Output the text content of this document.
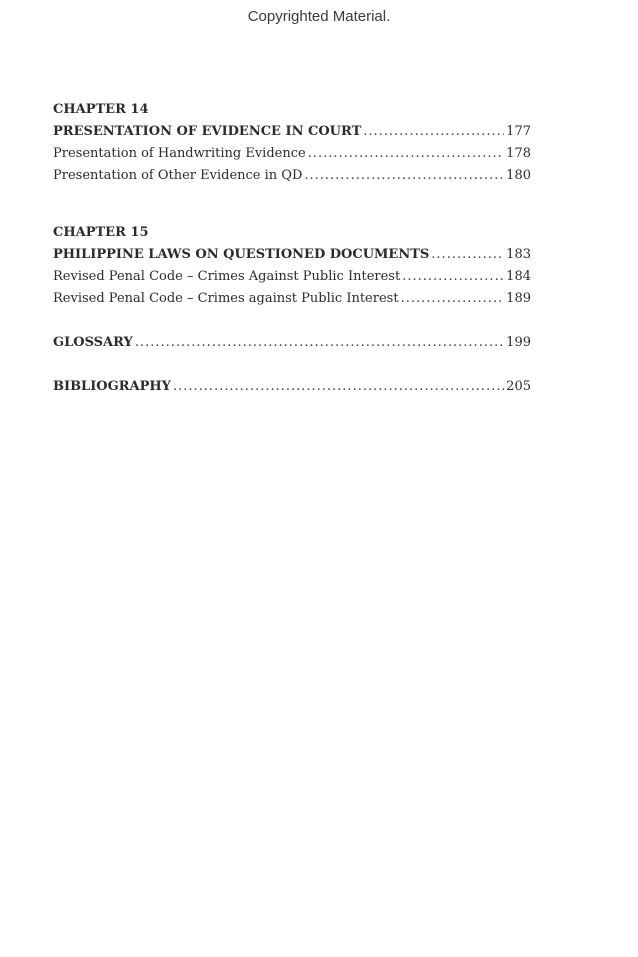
Copyrighted Material.
CHAPTER 14
PRESENTATION OF EVIDENCE IN COURT .....	177
Presentation of Handwriting Evidence .....	178
Presentation of Other Evidence in QD .....	180
CHAPTER 15
PHILIPPINE LAWS ON QUESTIONED DOCUMENTS .....	183
Revised Penal Code – Crimes Against Public Interest .....	184
Revised Penal Code – Crimes against Public Interest .....	189
GLOSSARY .....	199
BIBLIOGRAPHY .....	205
